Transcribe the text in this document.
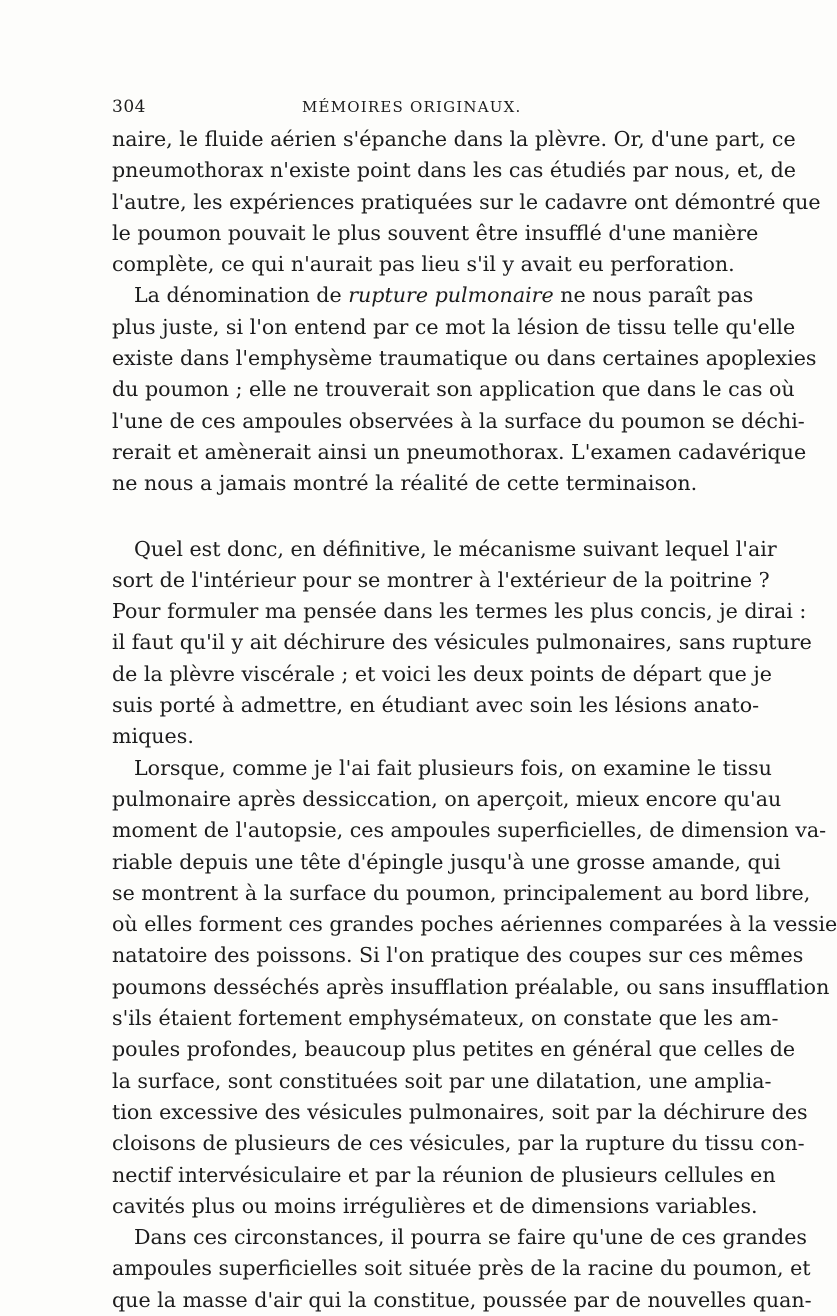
304	MÉMOIRES ORIGINAUX.
naire, le fluide aérien s'épanche dans la plèvre. Or, d'une part, ce
pneumothorax n'existe point dans les cas étudiés par nous, et, de
l'autre, les expériences pratiquées sur le cadavre ont démontré que
le poumon pouvait le plus souvent être insufflé d'une manière
complète, ce qui n'aurait pas lieu s'il y avait eu perforation.
La dénomination de rupture pulmonaire ne nous paraît pas
plus juste, si l'on entend par ce mot la lésion de tissu telle qu'elle
existe dans l'emphysème traumatique ou dans certaines apoplexies
du poumon ; elle ne trouverait son application que dans le cas où
l'une de ces ampoules observées à la surface du poumon se déchi-
rerait et amènerait ainsi un pneumothorax. L'examen cadavérique
ne nous a jamais montré la réalité de cette terminaison.
Quel est donc, en définitive, le mécanisme suivant lequel l'air
sort de l'intérieur pour se montrer à l'extérieur de la poitrine ?
Pour formuler ma pensée dans les termes les plus concis, je dirai :
il faut qu'il y ait déchirure des vésicules pulmonaires, sans rupture
de la plèvre viscérale ; et voici les deux points de départ que je
suis porté à admettre, en étudiant avec soin les lésions anato-
miques.
Lorsque, comme je l'ai fait plusieurs fois, on examine le tissu
pulmonaire après dessiccation, on aperçoit, mieux encore qu'au
moment de l'autopsie, ces ampoules superficielles, de dimension va-
riable depuis une tête d'épingle jusqu'à une grosse amande, qui
se montrent à la surface du poumon, principalement au bord libre,
où elles forment ces grandes poches aériennes comparées à la vessie
natatoire des poissons. Si l'on pratique des coupes sur ces mêmes
poumons desséchés après insufflation préalable, ou sans insufflation
s'ils étaient fortement emphysémateux, on constate que les am-
poules profondes, beaucoup plus petites en général que celles de
la surface, sont constituées soit par une dilatation, une amplia-
tion excessive des vésicules pulmonaires, soit par la déchirure des
cloisons de plusieurs de ces vésicules, par la rupture du tissu con-
nectif intervésiculaire et par la réunion de plusieurs cellules en
cavités plus ou moins irrégulières et de dimensions variables.
Dans ces circonstances, il pourra se faire qu'une de ces grandes
ampoules superficielles soit située près de la racine du poumon, et
que la masse d'air qui la constitue, poussée par de nouvelles quan-
